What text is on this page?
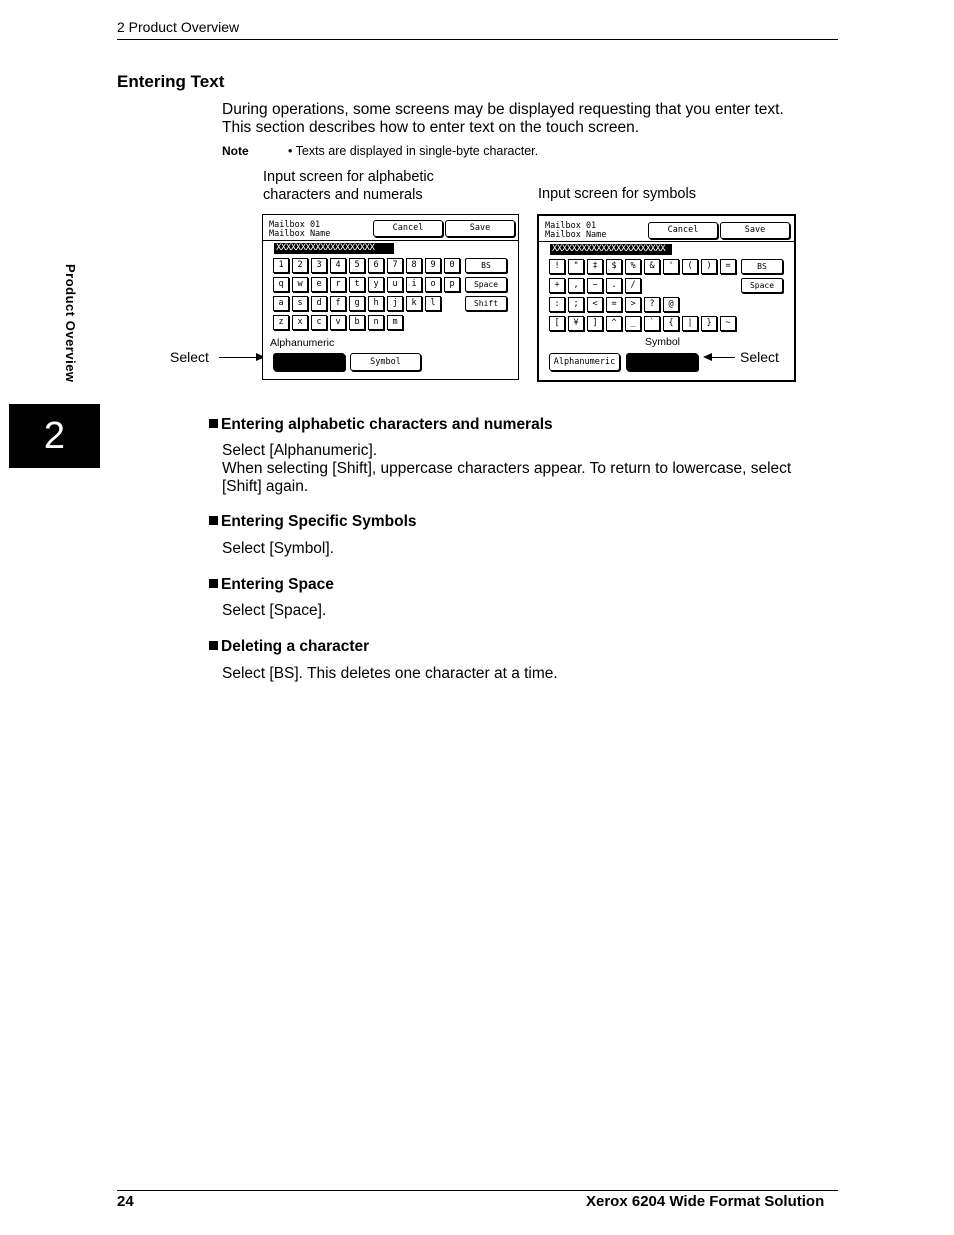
2 Product Overview
Product Overview
2
Entering Text
During operations, some screens may be displayed requesting that you enter text.
This section describes how to enter text on the touch screen.
Note	• Texts are displayed in single-byte character.
Input screen for alphabetic
characters and numerals	Input screen for symbols
Select
Mailbox 01
Mailbox Name
Cancel	Save
XXXXXXXXXXXXXXXXXXXX
1	2	3	4	5	6	7	8	9	0
q	w	e	r	t	y	u	i	o	p
a	s	d	f	g	h	j	k	l
z	x	c	v	b	n	m
BS
Space
Shift
Alphanumeric
Symbol
Mailbox 01
Mailbox Name	Cancel	Save
XXXXXXXXXXXXXXXXXXXXXXX
!	"	‡	$	%	&	'	(	)	=
+	,	−	.	/
:	;	<	=	>	?	@
[	¥	]	^	_	`	{	|	}	~
BS
Space
Symbol
Alphanumeric	Select
Entering alphabetic characters and numerals
Select [Alphanumeric].
When selecting [Shift], uppercase characters appear. To return to lowercase, select
[Shift] again.
Entering Specific Symbols
Select [Symbol].
Entering Space
Select [Space].
Deleting a character
Select [BS]. This deletes one character at a time.
24	Xerox 6204 Wide Format Solution
